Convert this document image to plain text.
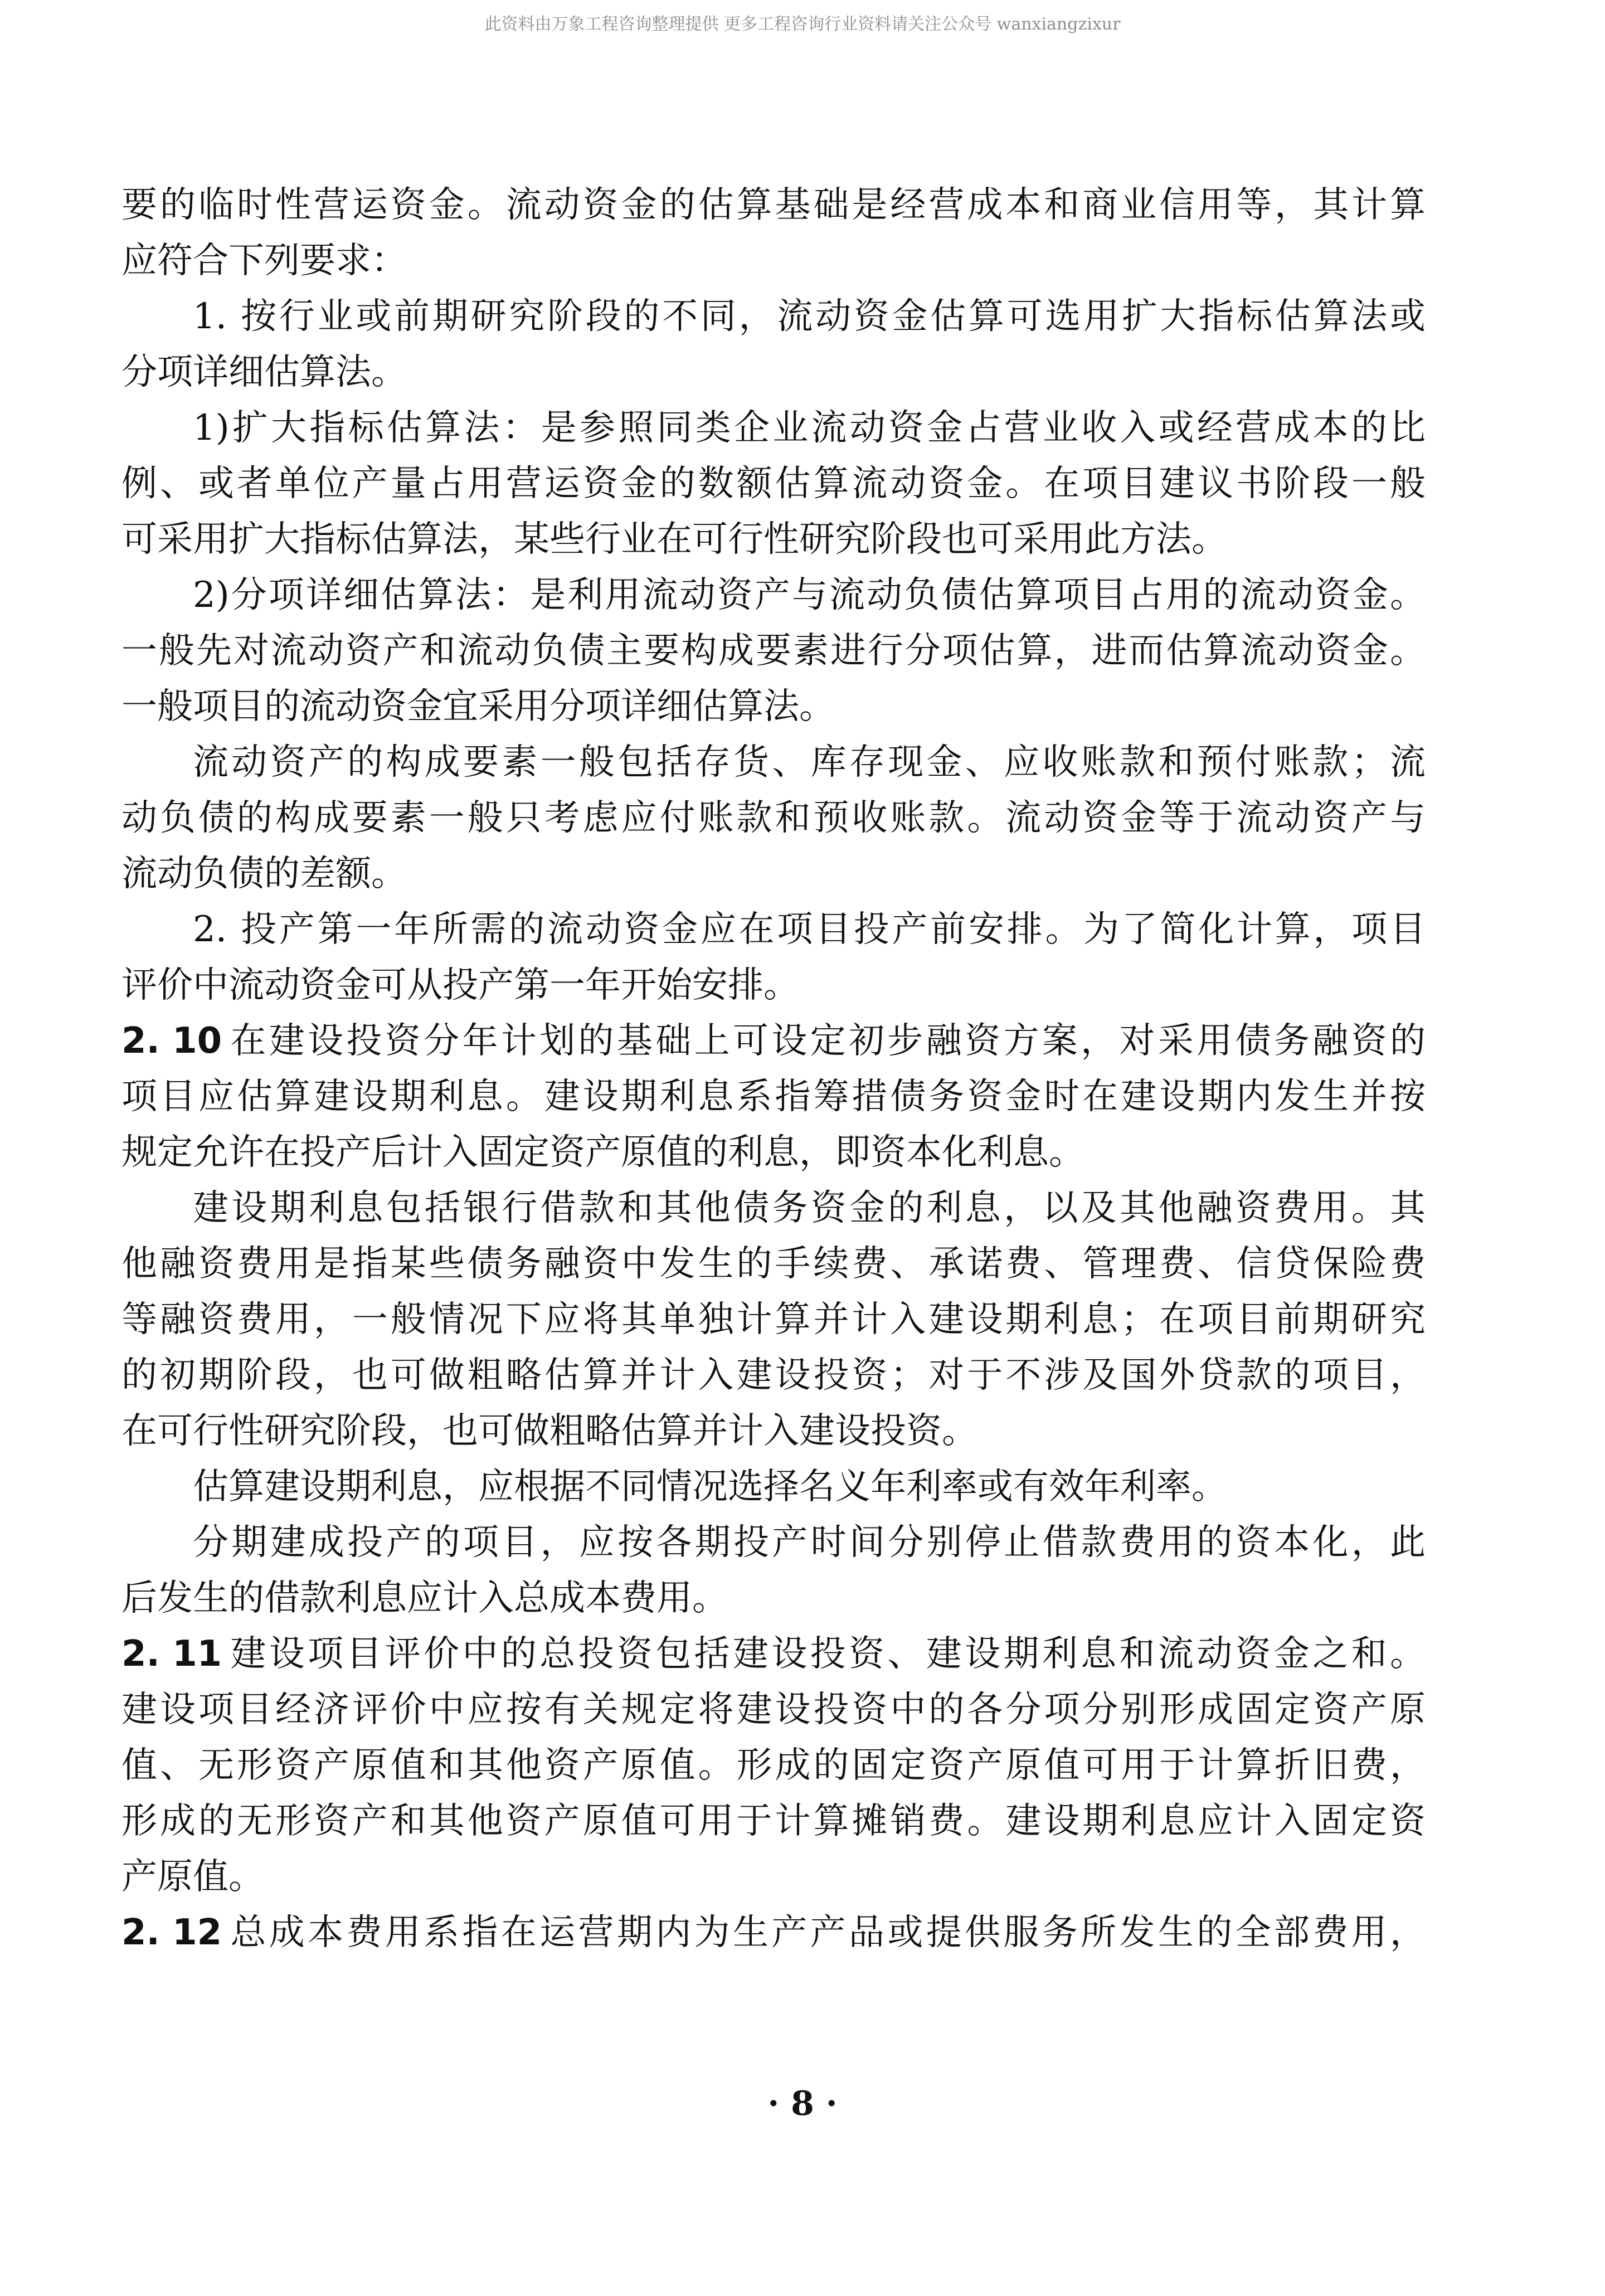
此资料由万象工程咨询整理提供 更多工程咨询行业资料请关注公众号 wanxiangzixur
要的临时性营运资金。流动资金的估算基础是经营成本和商业信用等，其计算
应符合下列要求：
1. 按行业或前期研究阶段的不同，流动资金估算可选用扩大指标估算法或
分项详细估算法。
1)扩大指标估算法：是参照同类企业流动资金占营业收入或经营成本的比
例、或者单位产量占用营运资金的数额估算流动资金。在项目建议书阶段一般
可采用扩大指标估算法，某些行业在可行性研究阶段也可采用此方法。
2)分项详细估算法：是利用流动资产与流动负债估算项目占用的流动资金。
一般先对流动资产和流动负债主要构成要素进行分项估算，进而估算流动资金。
一般项目的流动资金宜采用分项详细估算法。
流动资产的构成要素一般包括存货、库存现金、应收账款和预付账款；流
动负债的构成要素一般只考虑应付账款和预收账款。流动资金等于流动资产与
流动负债的差额。
2. 投产第一年所需的流动资金应在项目投产前安排。为了简化计算，项目
评价中流动资金可从投产第一年开始安排。
2. 10 在建设投资分年计划的基础上可设定初步融资方案，对采用债务融资的
项目应估算建设期利息。建设期利息系指筹措债务资金时在建设期内发生并按
规定允许在投产后计入固定资产原值的利息，即资本化利息。
建设期利息包括银行借款和其他债务资金的利息，以及其他融资费用。其
他融资费用是指某些债务融资中发生的手续费、承诺费、管理费、信贷保险费
等融资费用，一般情况下应将其单独计算并计入建设期利息；在项目前期研究
的初期阶段，也可做粗略估算并计入建设投资；对于不涉及国外贷款的项目，
在可行性研究阶段，也可做粗略估算并计入建设投资。
估算建设期利息，应根据不同情况选择名义年利率或有效年利率。
分期建成投产的项目，应按各期投产时间分别停止借款费用的资本化，此
后发生的借款利息应计入总成本费用。
2. 11 建设项目评价中的总投资包括建设投资、建设期利息和流动资金之和。
建设项目经济评价中应按有关规定将建设投资中的各分项分别形成固定资产原
值、无形资产原值和其他资产原值。形成的固定资产原值可用于计算折旧费，
形成的无形资产和其他资产原值可用于计算摊销费。建设期利息应计入固定资
产原值。
2. 12 总成本费用系指在运营期内为生产产品或提供服务所发生的全部费用，
· 8 ·
